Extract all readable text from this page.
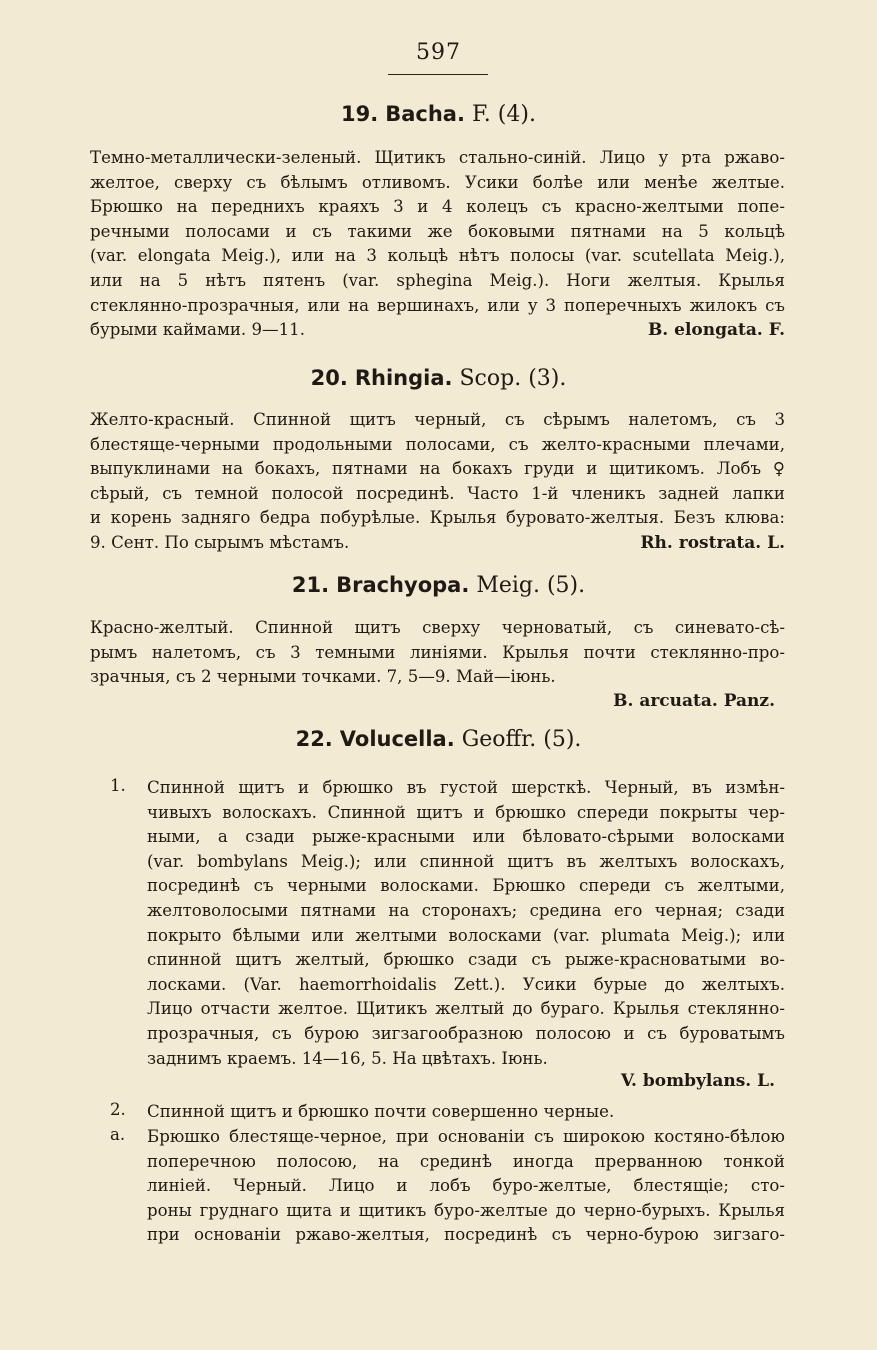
597
19. Bacha. F. (4).
Темно-металлически-зеленый. Щитикъ стально-синій. Лицо у рта ржаво-
желтое, сверху съ бѣлымъ отливомъ. Усики болѣе или менѣе желтые.
Брюшко на переднихъ краяхъ 3 и 4 колецъ съ красно-желтыми попе-
речными полосами и съ такими же боковыми пятнами на 5 кольцѣ
(var. elongata Meig.), или на 3 кольцѣ нѣтъ полосы (var. scutellata Meig.),
или на 5 нѣтъ пятенъ (var. sphegina Meig.). Ноги желтыя. Крылья
стеклянно-прозрачныя, или на вершинахъ, или у 3 поперечныхъ жилокъ съ
бурыми каймами. 9—11.	B. elongata. F.
20. Rhingia. Scop. (3).
Желто-красный. Спинной щитъ черный, съ сѣрымъ налетомъ, съ 3
блестяще-черными продольными полосами, съ желто-красными плечами,
выпуклинами на бокахъ, пятнами на бокахъ груди и щитикомъ. Лобъ ♀
сѣрый, съ темной полосой посрединѣ. Часто 1-й членикъ задней лапки
и корень задняго бедра побурѣлые. Крылья буровато-желтыя. Безъ клюва:
9. Сент. По сырымъ мѣстамъ.	Rh. rostrata. L.
21. Brachyopa. Meig. (5).
Красно-желтый. Спинной щитъ сверху черноватый, съ синевато-сѣ-
рымъ налетомъ, съ 3 темными линіями. Крылья почти стеклянно-про-
зрачныя, съ 2 черными точками. 7, 5—9. Май—іюнь.
B. arcuata. Panz.
22. Volucella. Geoffr. (5).
1. Спинной щитъ и брюшко въ густой шерсткѣ. Черный, въ измѣн-
чивыхъ волоскахъ. Спинной щитъ и брюшко спереди покрыты чер-
ными, а сзади рыже-красными или бѣловато-сѣрыми волосками
(var. bombylans Meig.); или спинной щитъ въ желтыхъ волоскахъ,
посрединѣ съ черными волосками. Брюшко спереди съ желтыми,
желтоволосыми пятнами на сторонахъ; средина его черная; сзади
покрыто бѣлыми или желтыми волосками (var. plumata Meig.); или
спинной щитъ желтый, брюшко сзади съ рыже-красноватыми во-
лосками. (Var. haemorrhoidalis Zett.). Усики бурые до желтыхъ.
Лицо отчасти желтое. Щитикъ желтый до бураго. Крылья стеклянно-
прозрачныя, съ бурою зигзагообразною полосою и съ буроватымъ
заднимъ краемъ. 14—16, 5. На цвѣтахъ. Іюнь.
V. bombylans. L.
2. Спинной щитъ и брюшко почти совершенно черные.
a. Брюшко блестяще-черное, при основаніи съ широкою костяно-бѣлою
поперечною полосою, на срединѣ иногда прерванною тонкой
линіей. Черный. Лицо и лобъ буро-желтые, блестящіе; сто-
роны груднаго щита и щитикъ буро-желтые до черно-бурыхъ. Крылья
при основаніи ржаво-желтыя, посрединѣ съ черно-бурою зигзаго-
